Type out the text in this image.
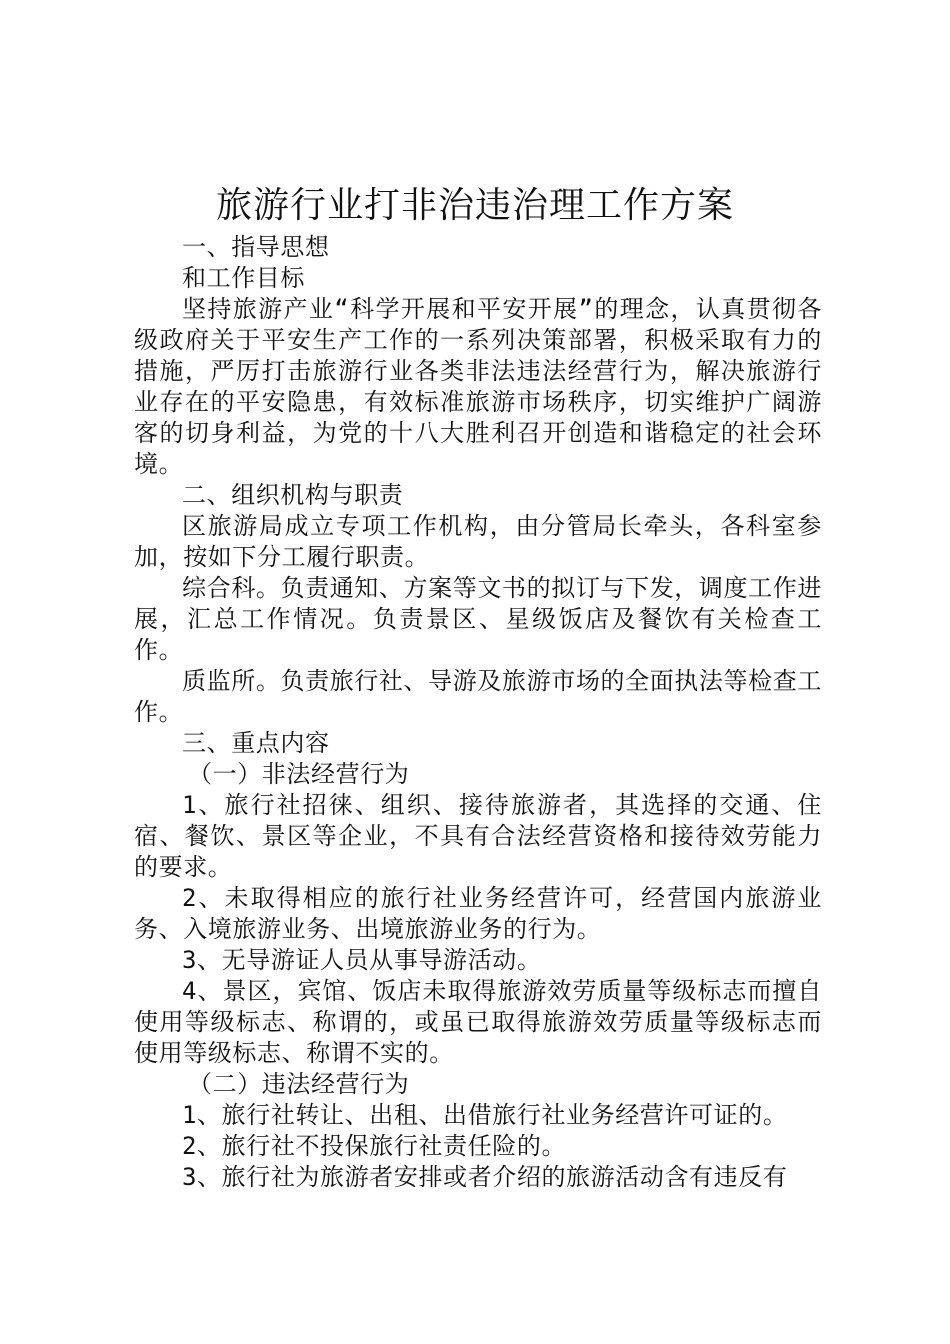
旅游行业打非治违治理工作方案

一、指导思想

和工作目标

坚持旅游产业“科学开展和平安开展”的理念，认真贯彻各级政府关于平安生产工作的一系列决策部署，积极采取有力的措施，严厉打击旅游行业各类非法违法经营行为，解决旅游行业存在的平安隐患，有效标准旅游市场秩序，切实维护广阔游客的切身利益，为党的十八大胜利召开创造和谐稳定的社会环境。

二、组织机构与职责

区旅游局成立专项工作机构，由分管局长牵头，各科室参加，按如下分工履行职责。

综合科。负责通知、方案等文书的拟订与下发，调度工作进展，汇总工作情况。负责景区、星级饭店及餐饮有关检查工作。

质监所。负责旅行社、导游及旅游市场的全面执法等检查工作。

三、重点内容

（一）非法经营行为

1、旅行社招徕、组织、接待旅游者，其选择的交通、住宿、餐饮、景区等企业，不具有合法经营资格和接待效劳能力的要求。

2、未取得相应的旅行社业务经营许可，经营国内旅游业务、入境旅游业务、出境旅游业务的行为。

3、无导游证人员从事导游活动。

4、景区，宾馆、饭店未取得旅游效劳质量等级标志而擅自使用等级标志、称谓的，或虽已取得旅游效劳质量等级标志而使用等级标志、称谓不实的。

（二）违法经营行为

1、旅行社转让、出租、出借旅行社业务经营许可证的。

2、旅行社不投保旅行社责任险的。

3、旅行社为旅游者安排或者介绍的旅游活动含有违反有
